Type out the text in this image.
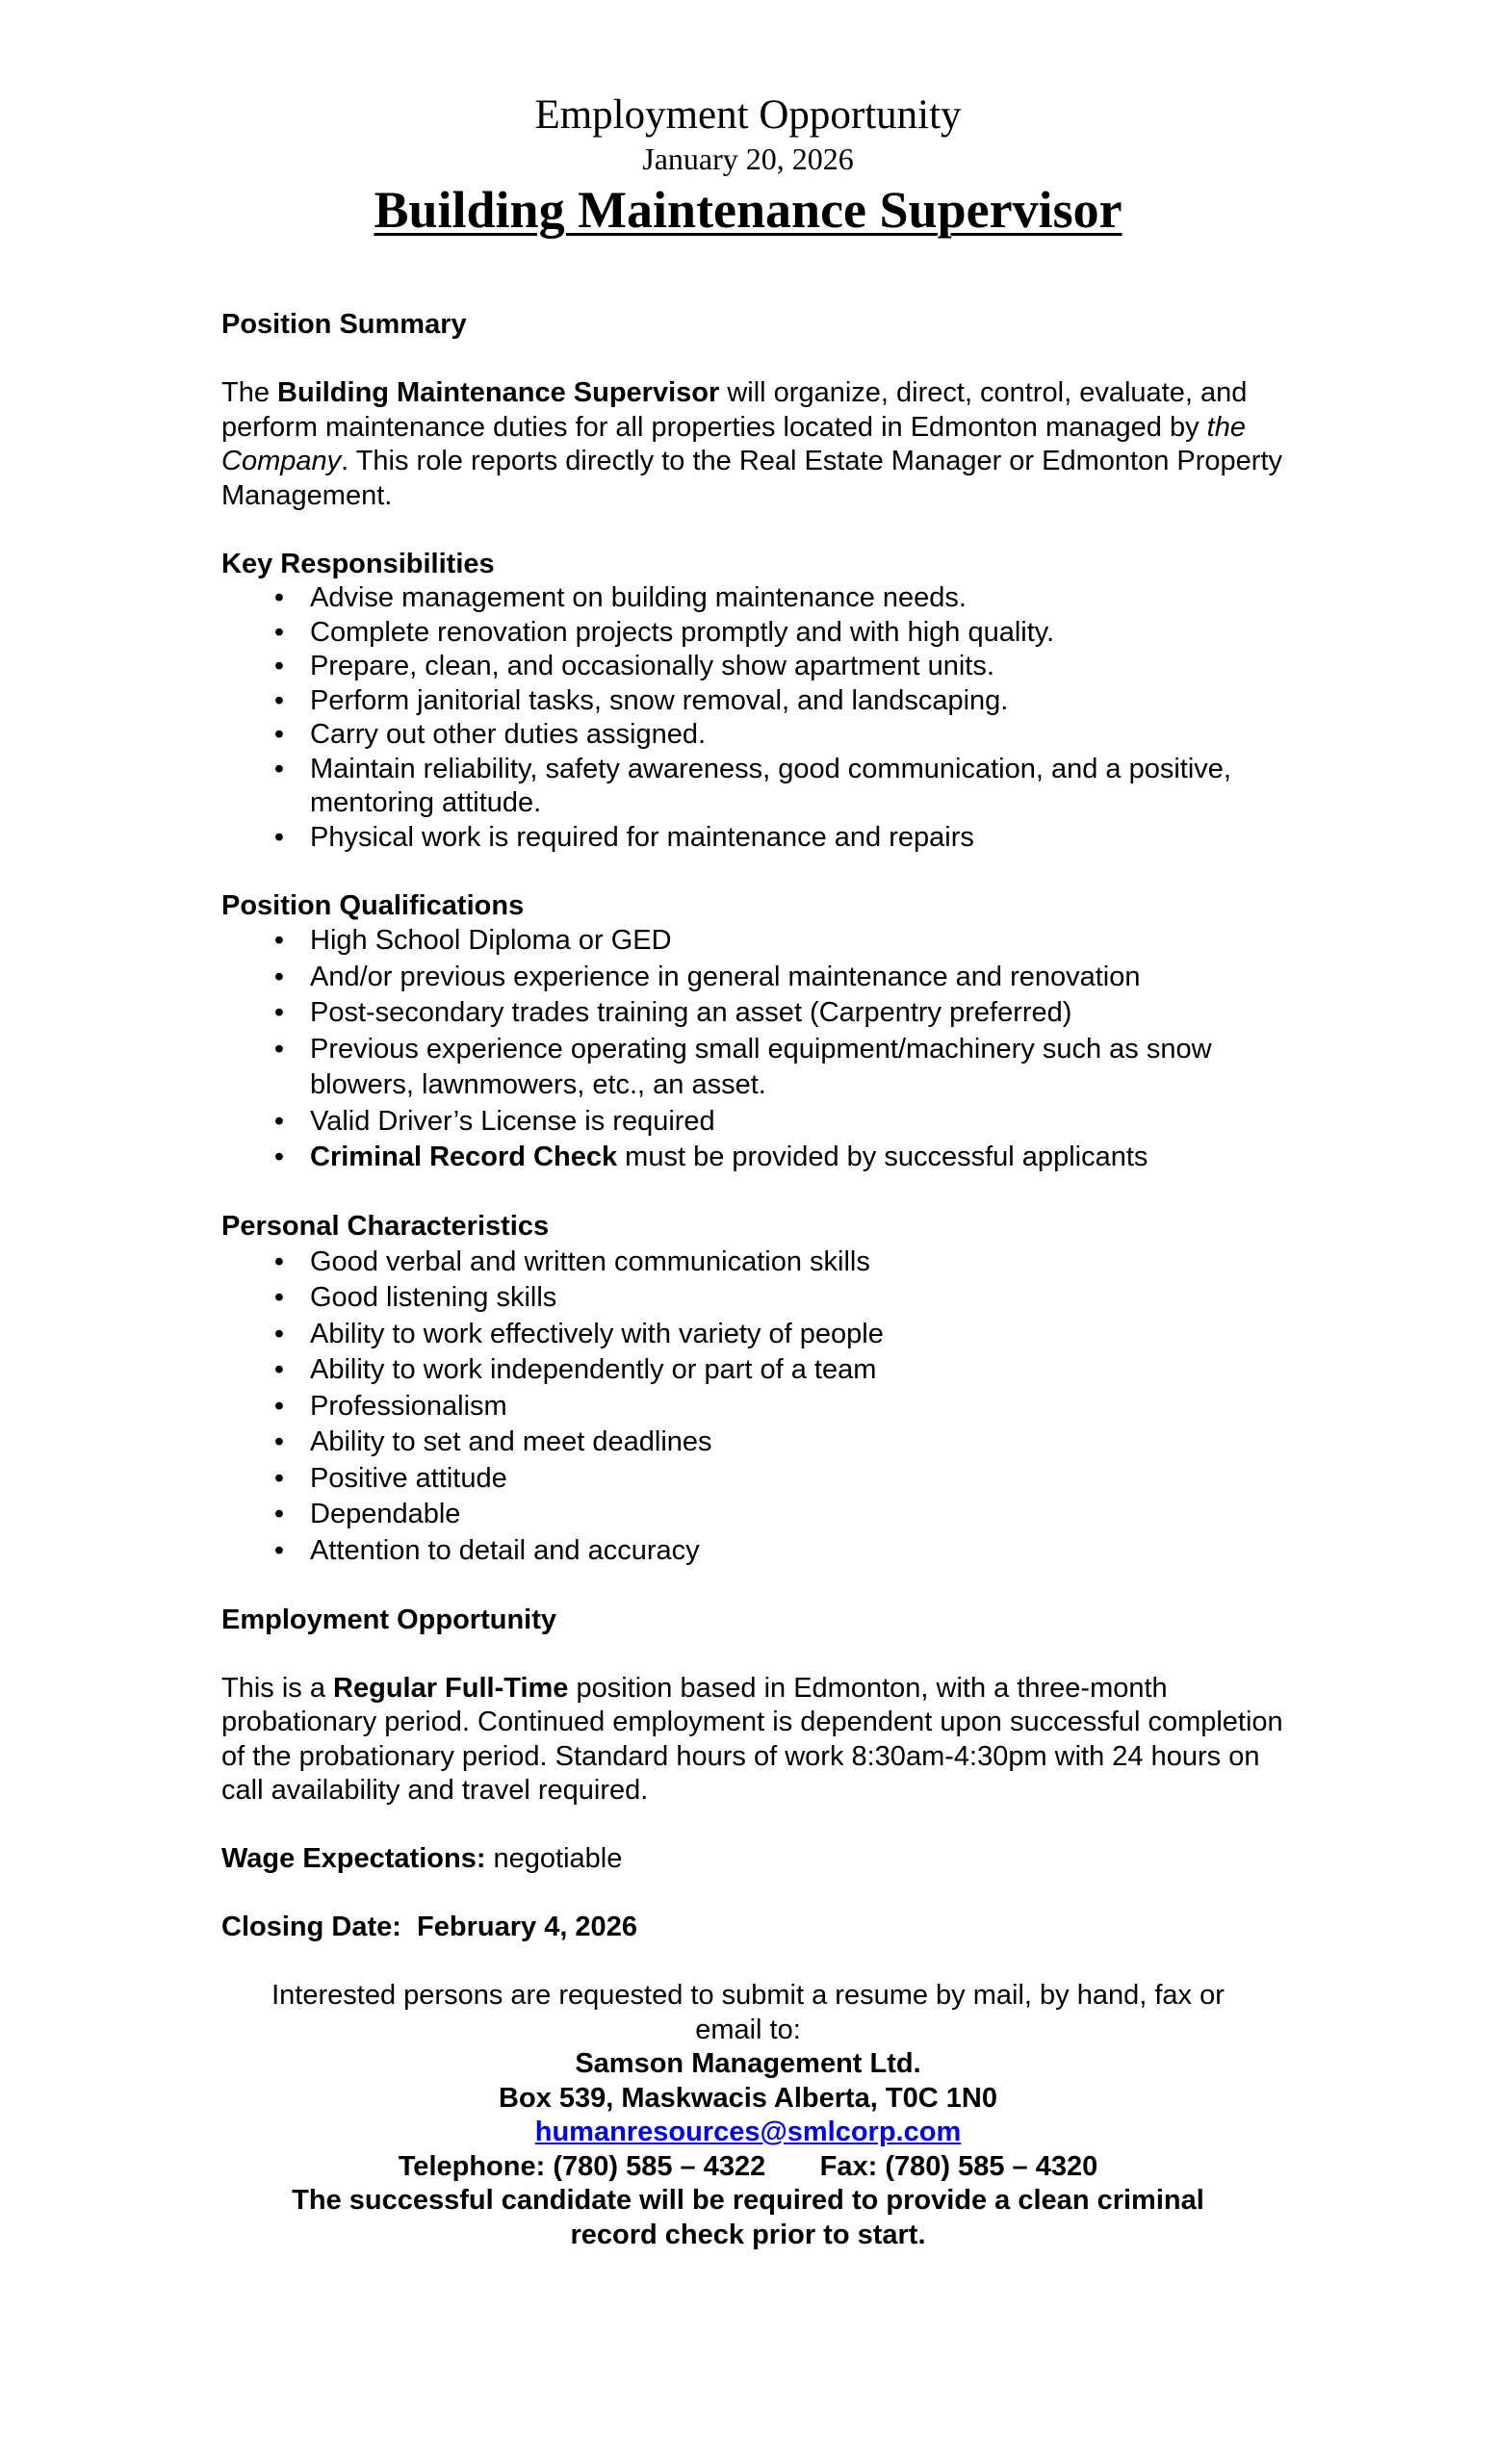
Employment Opportunity
January 20, 2026
Building Maintenance Supervisor

Position Summary

The Building Maintenance Supervisor will organize, direct, control, evaluate, and perform maintenance duties for all properties located in Edmonton managed by the Company. This role reports directly to the Real Estate Manager or Edmonton Property Management.

Key Responsibilities

• Advise management on building maintenance needs.
• Complete renovation projects promptly and with high quality.
• Prepare, clean, and occasionally show apartment units.
• Perform janitorial tasks, snow removal, and landscaping.
• Carry out other duties assigned.
• Maintain reliability, safety awareness, good communication, and a positive, mentoring attitude.
• Physical work is required for maintenance and repairs

Position Qualifications

• High School Diploma or GED
• And/or previous experience in general maintenance and renovation
• Post-secondary trades training an asset (Carpentry preferred)
• Previous experience operating small equipment/machinery such as snow blowers, lawnmowers, etc., an asset.
• Valid Driver’s License is required
• Criminal Record Check must be provided by successful applicants

Personal Characteristics

• Good verbal and written communication skills
• Good listening skills
• Ability to work effectively with variety of people
• Ability to work independently or part of a team
• Professionalism
• Ability to set and meet deadlines
• Positive attitude
• Dependable
• Attention to detail and accuracy

Employment Opportunity

This is a Regular Full-Time position based in Edmonton, with a three-month probationary period. Continued employment is dependent upon successful completion of the probationary period. Standard hours of work 8:30am-4:30pm with 24 hours on call availability and travel required.

Wage Expectations: negotiable

Closing Date: February 4, 2026

Interested persons are requested to submit a resume by mail, by hand, fax or

email to:

Samson Management Ltd.

Box 539, Maskwacis Alberta, T0C 1N0

humanresources@smlcorp.com

Telephone: (780) 585 – 4322 Fax: (780) 585 – 4320

The successful candidate will be required to provide a clean criminal

record check prior to start.
